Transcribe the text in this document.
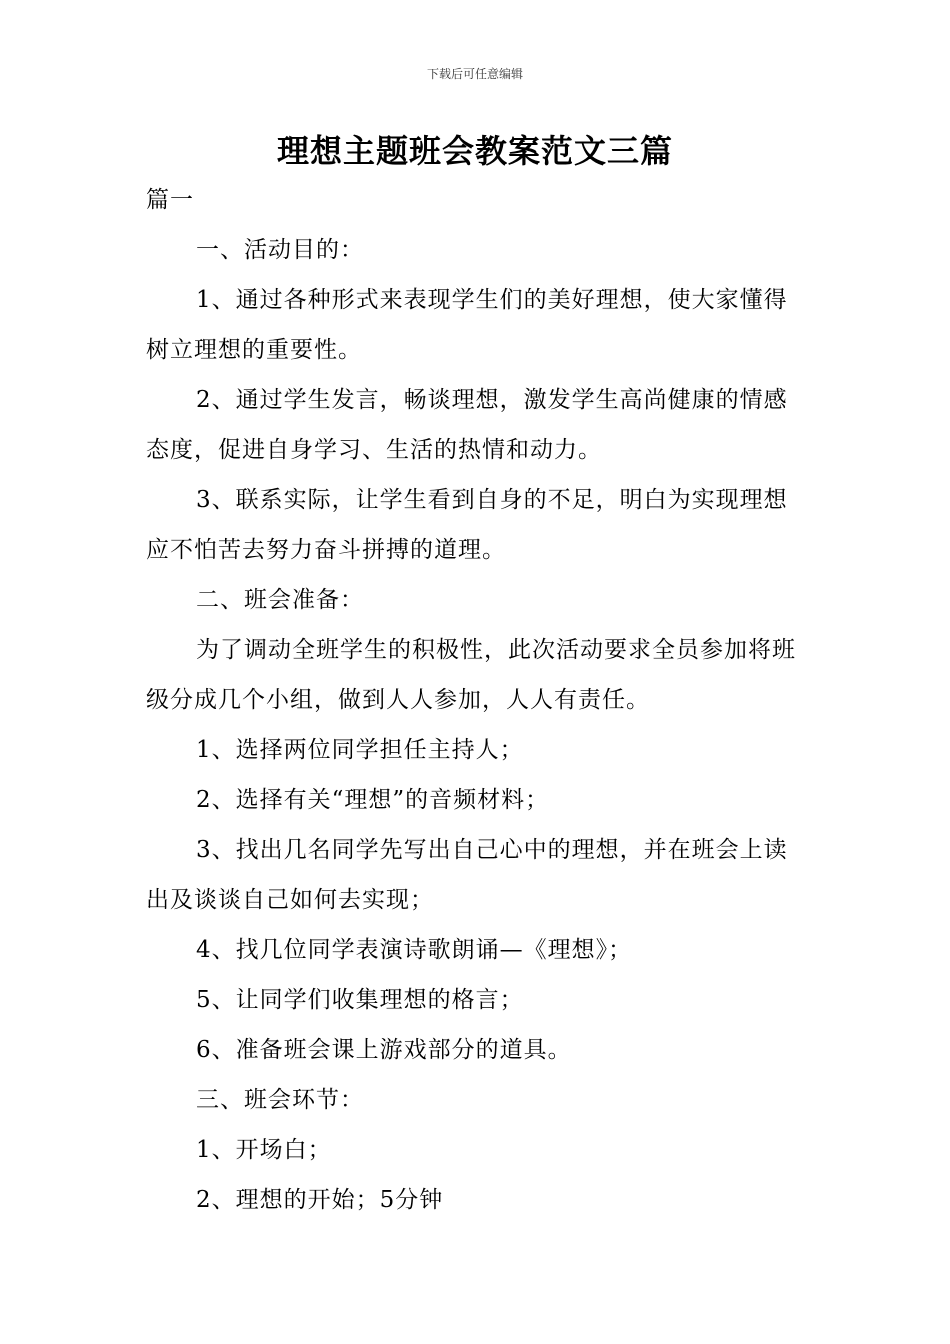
下载后可任意编辑
理想主题班会教案范文三篇

篇一

一、活动目的：

1、通过各种形式来表现学生们的美好理想，使大家懂得树立理想的重要性。

2、通过学生发言，畅谈理想，激发学生高尚健康的情感态度，促进自身学习、生活的热情和动力。

3、联系实际，让学生看到自身的不足，明白为实现理想应不怕苦去努力奋斗拼搏的道理。

二、班会准备：

为了调动全班学生的积极性，此次活动要求全员参加将班级分成几个小组，做到人人参加，人人有责任。

1、选择两位同学担任主持人；

2、选择有关“理想”的音频材料；

3、找出几名同学先写出自己心中的理想，并在班会上读出及谈谈自己如何去实现；

4、找几位同学表演诗歌朗诵—《理想》；

5、让同学们收集理想的格言；

6、准备班会课上游戏部分的道具。

三、班会环节：

1、开场白；

2、理想的开始；5分钟
